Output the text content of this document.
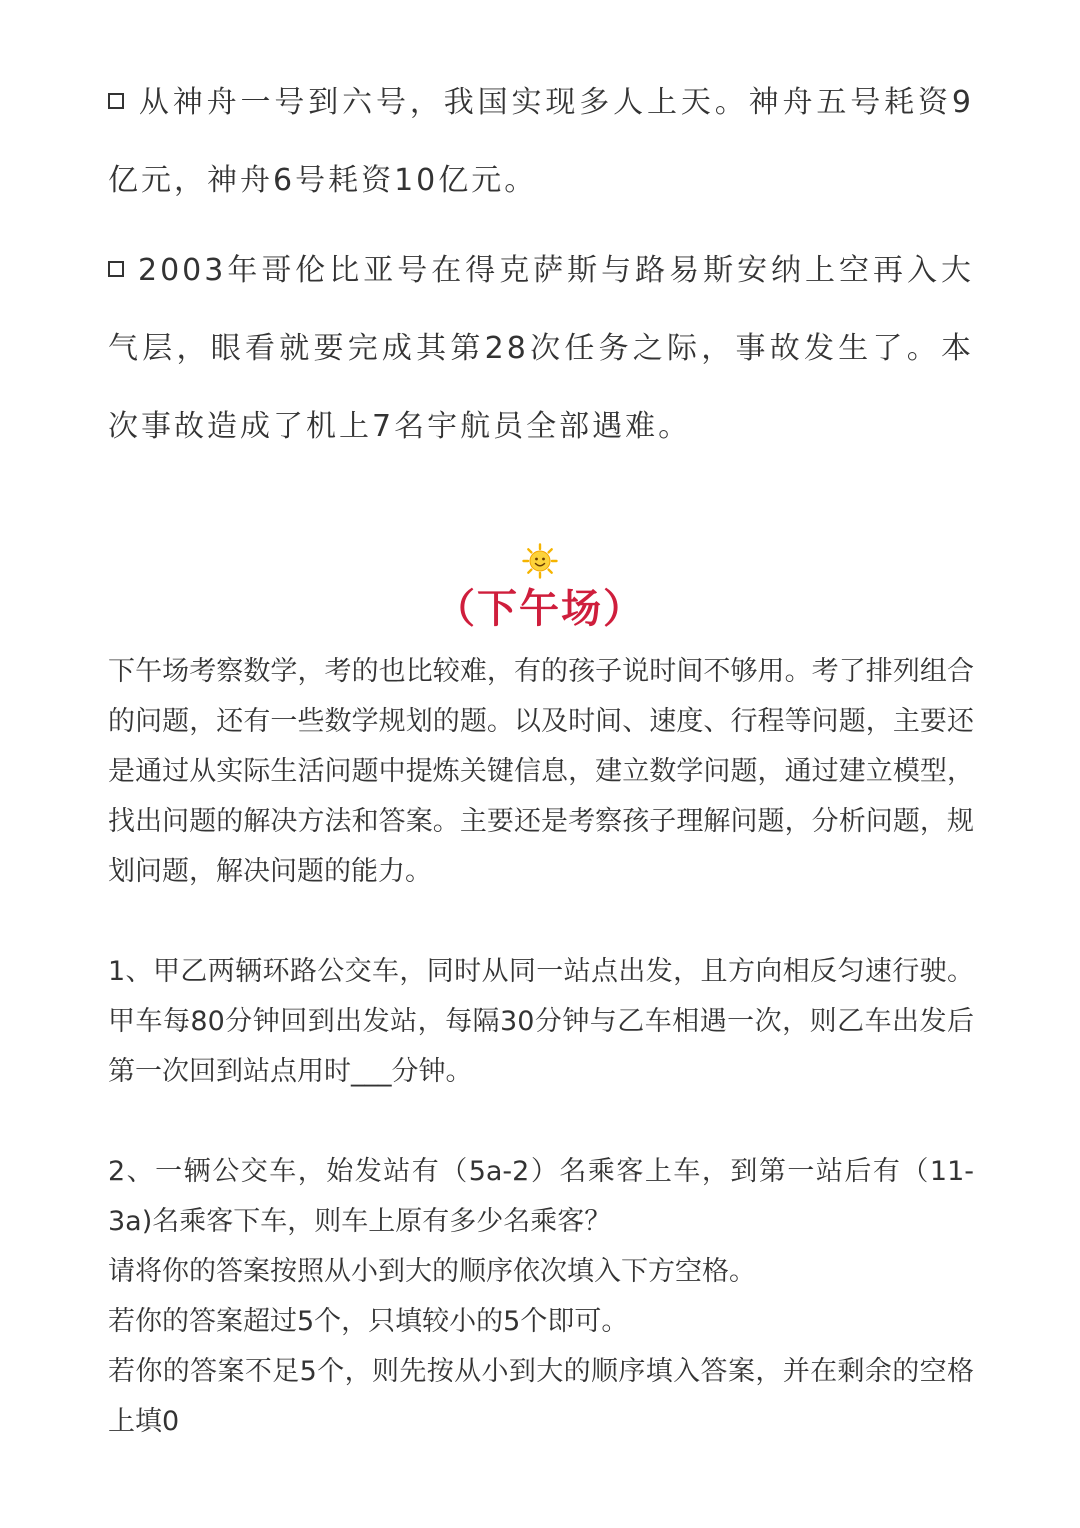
从神舟一号到六号，我国实现多人上天。神舟五号耗资9亿元，神舟6号耗资10亿元。

2003年哥伦比亚号在得克萨斯与路易斯安纳上空再入大气层，眼看就要完成其第28次任务之际，事故发生了。本次事故造成了机上7名宇航员全部遇难。

（下午场）

下午场考察数学，考的也比较难，有的孩子说时间不够用。考了排列组合的问题，还有一些数学规划的题。以及时间、速度、行程等问题，主要还是通过从实际生活问题中提炼关键信息，建立数学问题，通过建立模型，找出问题的解决方法和答案。主要还是考察孩子理解问题，分析问题，规划问题，解决问题的能力。

1、甲乙两辆环路公交车，同时从同一站点出发，且方向相反匀速行驶。甲车每80分钟回到出发站，每隔30分钟与乙车相遇一次，则乙车出发后第一次回到站点用时___分钟。

2、一辆公交车，始发站有（5a-2）名乘客上车，到第一站后有（11-3a)名乘客下车，则车上原有多少名乘客？

请将你的答案按照从小到大的顺序依次填入下方空格。

若你的答案超过5个，只填较小的5个即可。

若你的答案不足5个，则先按从小到大的顺序填入答案，并在剩余的空格上填0
